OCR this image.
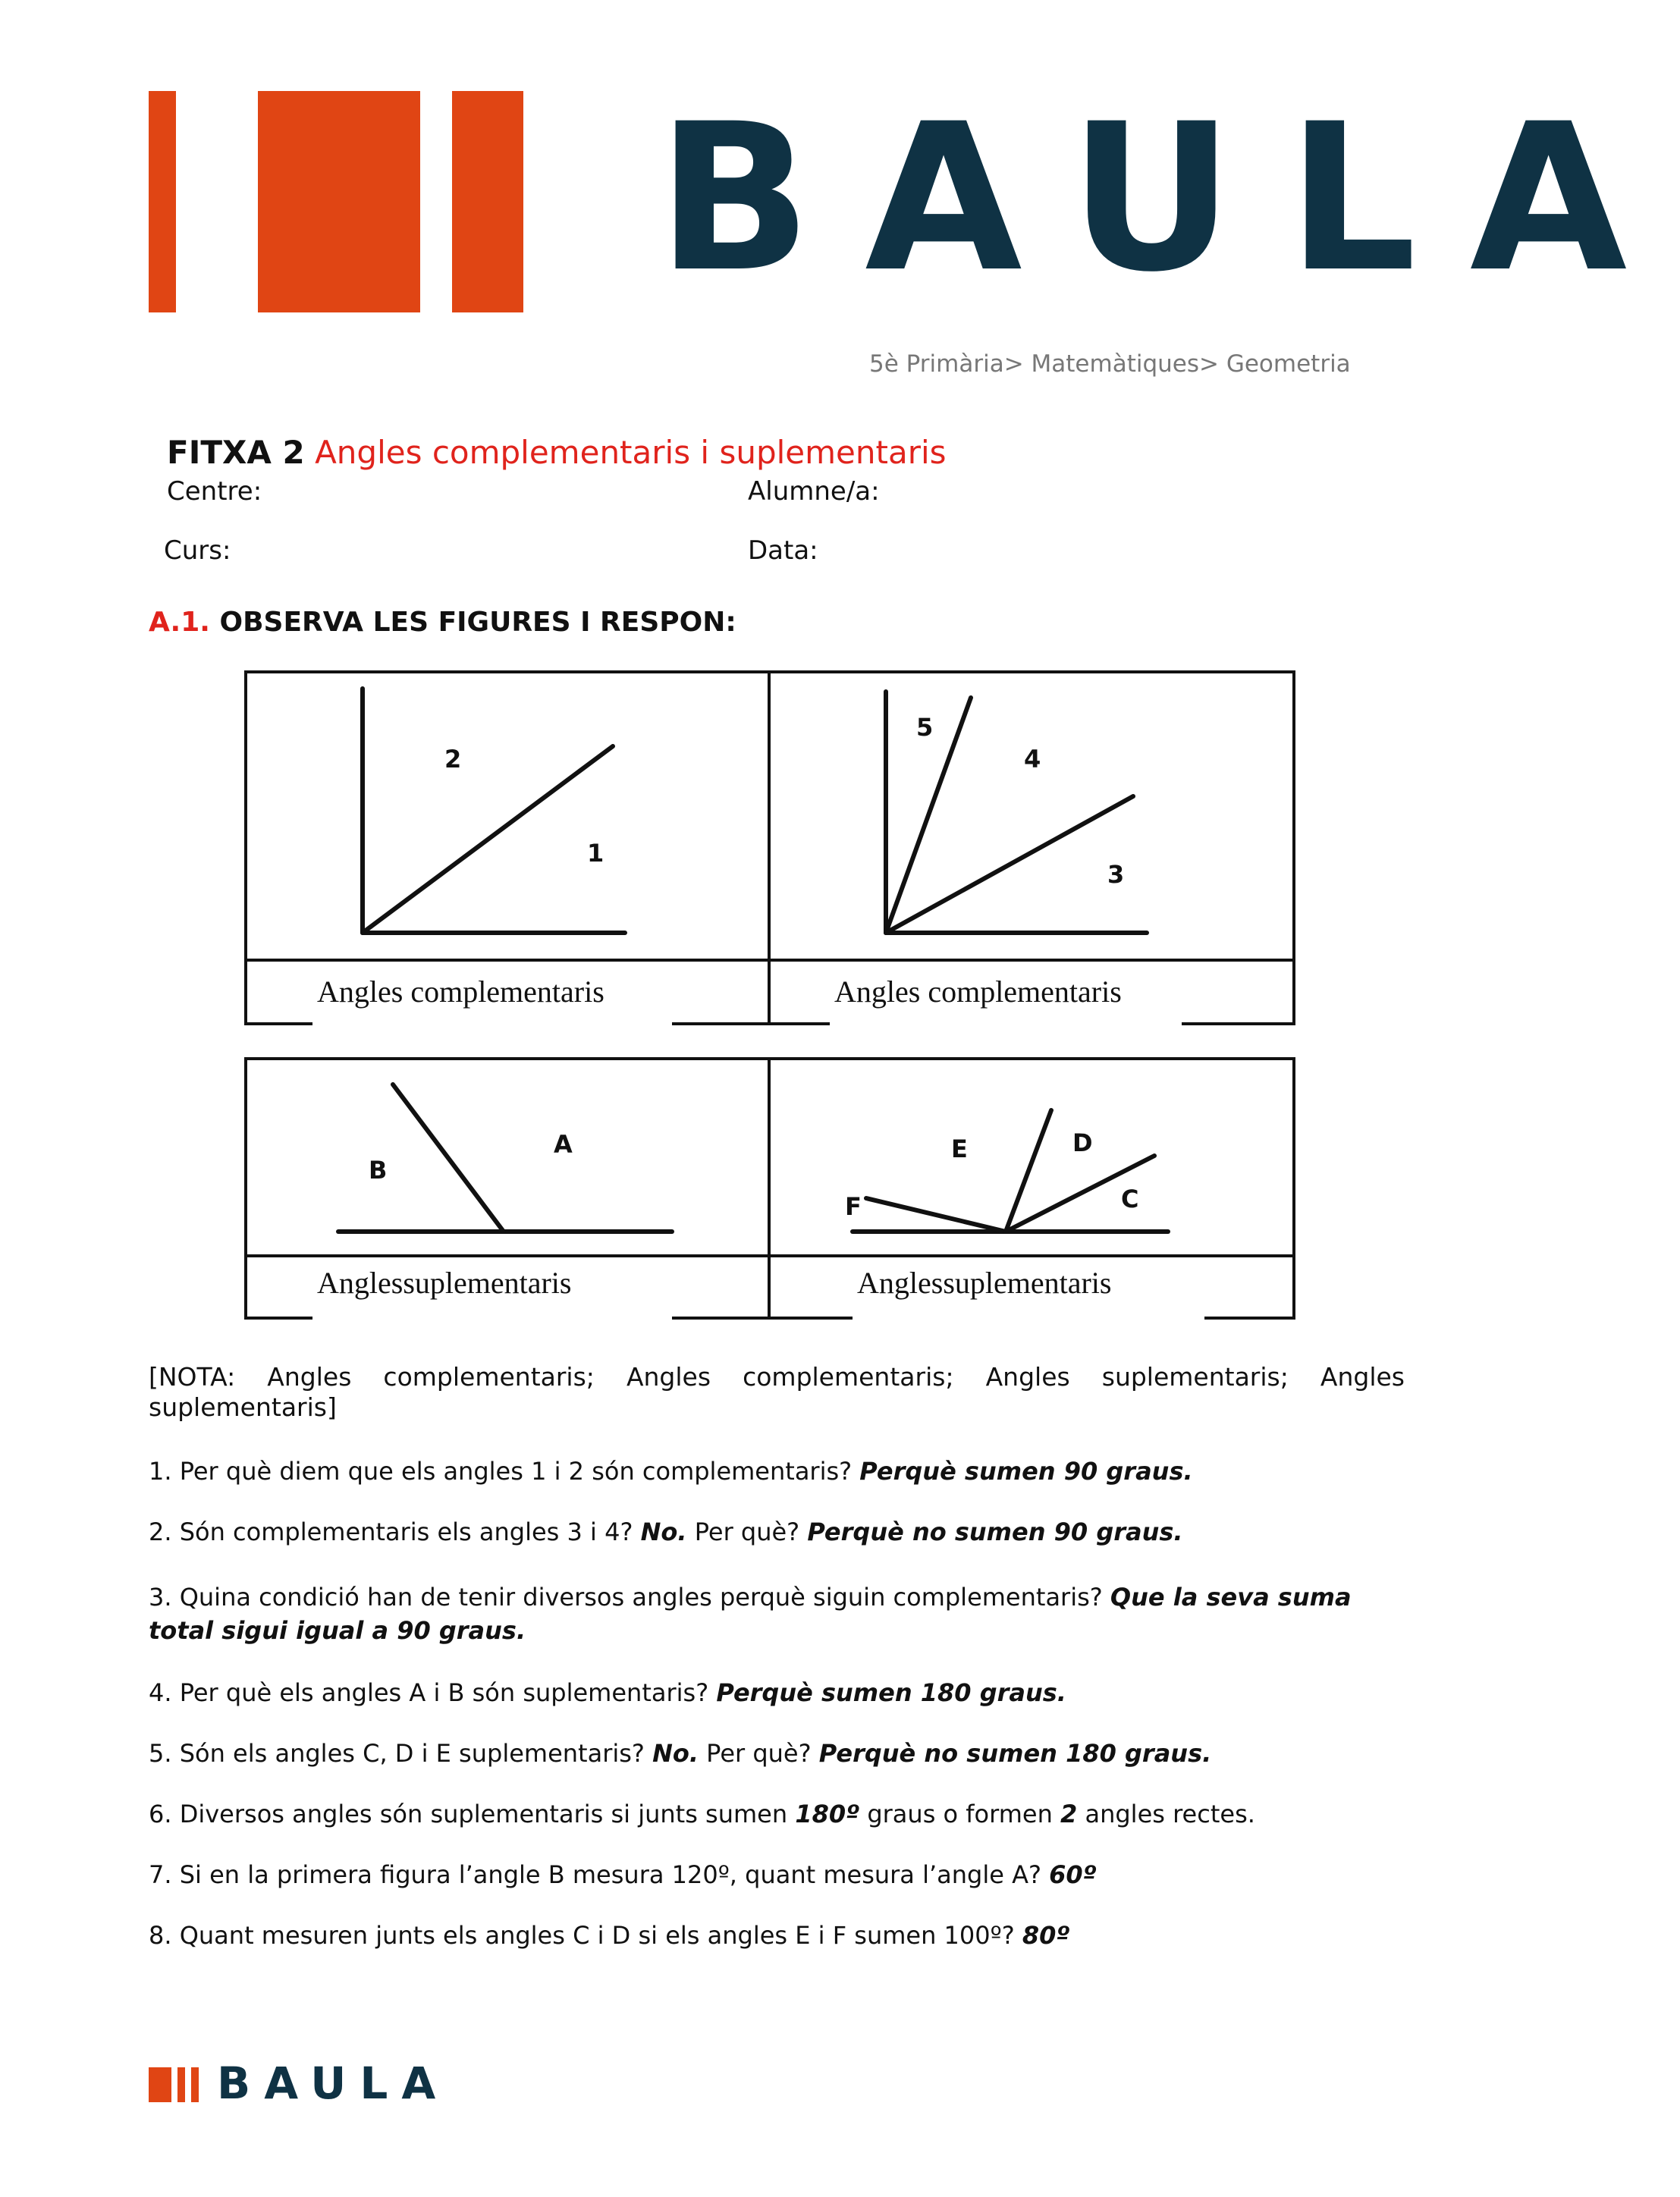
BAULA
5è Primària> Matemàtiques> Geometria
FITXA 2 Angles complementaris i suplementaris
Centre:	Alumne/a:
Curs:	Data:
A.1. OBSERVA LES FIGURES I RESPON:
2
1
5
4
3
Angles complementaris	Angles complementaris
B
A	E	D
C
F
Anglessuplementaris	Anglessuplementaris
[NOTA: Angles complementaris; Angles complementaris; Angles suplementaris; Angles suplementaris]
1. Per què diem que els angles 1 i 2 són complementaris? Perquè sumen 90 graus.
2. Són complementaris els angles 3 i 4? No. Per què? Perquè no sumen 90 graus.
3. Quina condició han de tenir diversos angles perquè siguin complementaris? Que la seva suma total sigui igual a 90 graus.
4. Per què els angles A i B són suplementaris? Perquè sumen 180 graus.
5. Són els angles C, D i E suplementaris? No. Per què? Perquè no sumen 180 graus.
6. Diversos angles són suplementaris si junts sumen 180º graus o formen 2 angles rectes.
7. Si en la primera figura l’angle B mesura 120º, quant mesura l’angle A? 60º
8. Quant mesuren junts els angles C i D si els angles E i F sumen 100º? 80º
BAULA
